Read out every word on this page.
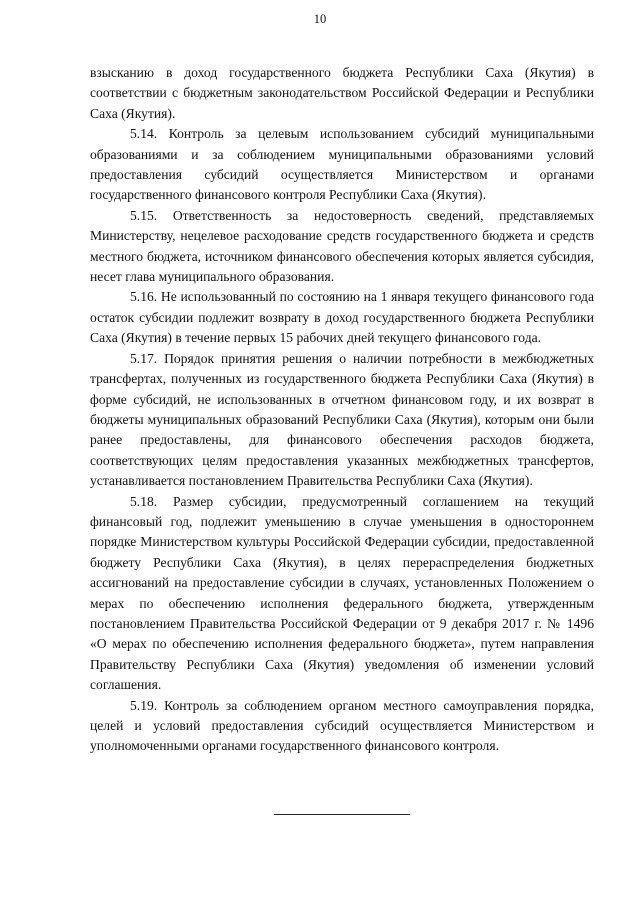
10

взысканию в доход государственного бюджета Республики Саха (Якутия) в соответствии с бюджетным законодательством Российской Федерации и Республики Саха (Якутия).

5.14. Контроль за целевым использованием субсидий муниципальными образованиями и за соблюдением муниципальными образованиями условий предоставления субсидий осуществляется Министерством и органами государственного финансового контроля Республики Саха (Якутия).

5.15. Ответственность за недостоверность сведений, представляемых Министерству, нецелевое расходование средств государственного бюджета и средств местного бюджета, источником финансового обеспечения которых является субсидия, несет глава муниципального образования.

5.16. Не использованный по состоянию на 1 января текущего финансового года остаток субсидии подлежит возврату в доход государственного бюджета Республики Саха (Якутия) в течение первых 15 рабочих дней текущего финансового года.

5.17. Порядок принятия решения о наличии потребности в межбюджетных трансфертах, полученных из государственного бюджета Республики Саха (Якутия) в форме субсидий, не использованных в отчетном финансовом году, и их возврат в бюджеты муниципальных образований Республики Саха (Якутия), которым они были ранее предоставлены, для финансового обеспечения расходов бюджета, соответствующих целям предоставления указанных межбюджетных трансфертов, устанавливается постановлением Правительства Республики Саха (Якутия).

5.18. Размер субсидии, предусмотренный соглашением на текущий финансовый год, подлежит уменьшению в случае уменьшения в одностороннем порядке Министерством культуры Российской Федерации субсидии, предоставленной бюджету Республики Саха (Якутия), в целях перераспределения бюджетных ассигнований на предоставление субсидии в случаях, установленных Положением о мерах по обеспечению исполнения федерального бюджета, утвержденным постановлением Правительства Российской Федерации от 9 декабря 2017 г. № 1496 «О мерах по обеспечению исполнения федерального бюджета», путем направления Правительству Республики Саха (Якутия) уведомления об изменении условий соглашения.

5.19. Контроль за соблюдением органом местного самоуправления порядка, целей и условий предоставления субсидий осуществляется Министерством и уполномоченными органами государственного финансового контроля.
